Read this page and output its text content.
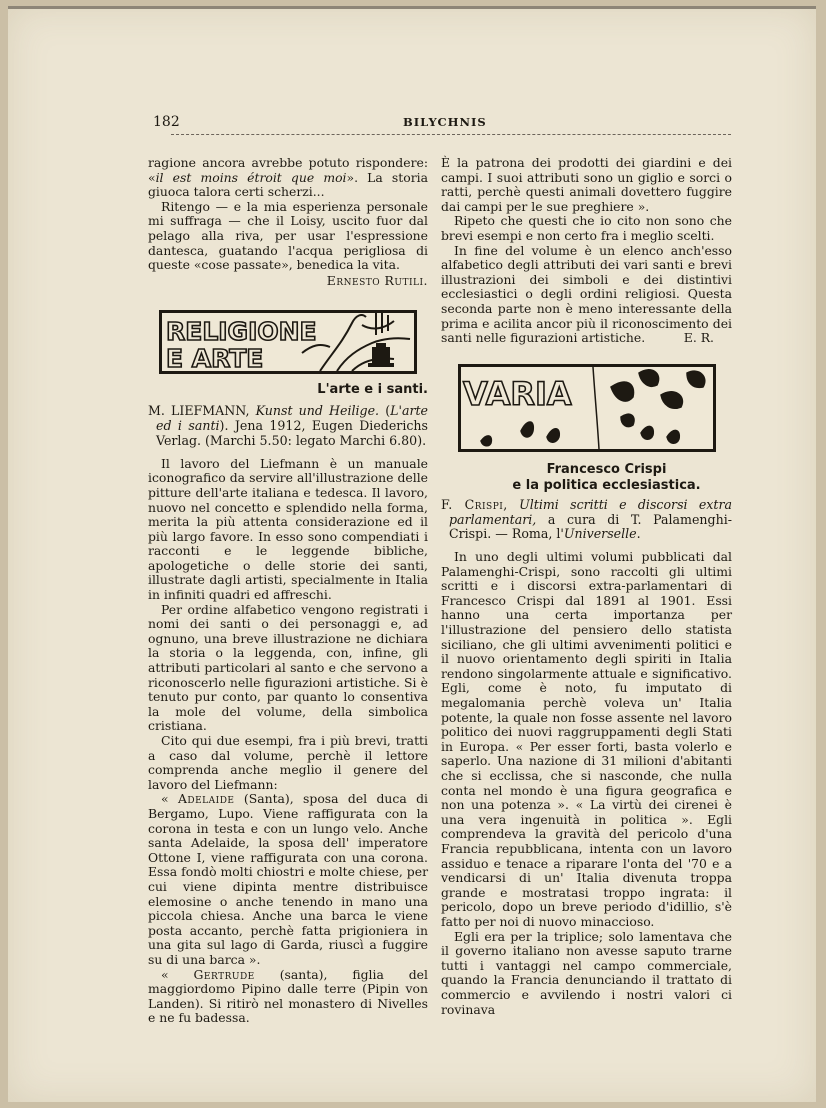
182	BILYCHNIS

ragione ancora avrebbe potuto rispondere: «il est moins étroit que moi». La storia giuoca talora certi scherzi...

Ritengo — e la mia esperienza personale mi suffraga — che il Loisy, uscito fuor dal pelago alla riva, per usar l'espressione dantesca, guatando l'acqua perigliosa di queste «cose passate», benedica la vita.

Ernesto Rutili.
RELIGIONE
E ARTE
L'arte e i santi.
M. LIEFMANN, Kunst und Heilige. (L'arte ed i santi). Jena 1912, Eugen Diederichs Verlag. (Marchi 5.50: legato Marchi 6.80).

Il lavoro del Liefmann è un manuale iconografico da servire all'illustrazione delle pitture dell'arte italiana e tedesca. Il lavoro, nuovo nel concetto e splendido nella forma, merita la più attenta considerazione ed il più largo favore. In esso sono compendiati i racconti e le leggende bibliche, apologetiche o delle storie dei santi, illustrate dagli artisti, specialmente in Italia in infiniti quadri ed affreschi.

Per ordine alfabetico vengono registrati i nomi dei santi o dei personaggi e, ad ognuno, una breve illustrazione ne dichiara la storia o la leggenda, con, infine, gli attributi particolari al santo e che servono a riconoscerlo nelle figurazioni artistiche. Si è tenuto pur conto, par quanto lo consentiva la mole del volume, della simbolica cristiana.

Cito qui due esempi, fra i più brevi, tratti a caso dal volume, perchè il lettore comprenda anche meglio il genere del lavoro del Liefmann:

« Adelaide (Santa), sposa del duca di Bergamo, Lupo. Viene raffigurata con la corona in testa e con un lungo velo. Anche santa Adelaide, la sposa dell' imperatore Ottone I, viene raffigurata con una corona. Essa fondò molti chiostri e molte chiese, per cui viene dipinta mentre distribuisce elemosine o anche tenendo in mano una piccola chiesa. Anche una barca le viene posta accanto, perchè fatta prigioniera in una gita sul lago di Garda, riuscì a fuggire su di una barca ».

« Gertrude (santa), figlia del maggiordomo Pipino dalle terre (Pipin von Landen). Si ritirò nel monastero di Nivelles e ne fu badessa.

È la patrona dei prodotti dei giardini e dei campi. I suoi attributi sono un giglio e sorci o ratti, perchè questi animali dovettero fuggire dai campi per le sue preghiere ».

Ripeto che questi che io cito non sono che brevi esempi e non certo fra i meglio scelti.

In fine del volume è un elenco anch'esso alfabetico degli attributi dei vari santi e brevi illustrazioni dei simboli e dei distintivi ecclesiastici o degli ordini religiosi. Questa seconda parte non è meno interessante della prima e acilita ancor più il riconoscimento dei santi nelle figurazioni artistiche.	E. R.
VARIA
Francesco Crispi
e la politica ecclesiastica.
F. Crispi, Ultimi scritti e discorsi extra parlamentari, a cura di T. Palamenghi-Crispi. — Roma, l'Universelle.

In uno degli ultimi volumi pubblicati dal Palamenghi-Crispi, sono raccolti gli ultimi scritti e i discorsi extra-parlamentari di Francesco Crispi dal 1891 al 1901. Essi hanno una certa importanza per l'illustrazione del pensiero dello statista siciliano, che gli ultimi avvenimenti politici e il nuovo orientamento degli spiriti in Italia rendono singolarmente attuale e significativo. Egli, come è noto, fu imputato di megalomania perchè voleva un' Italia potente, la quale non fosse assente nel lavoro politico dei nuovi raggruppamenti degli Stati in Europa. « Per esser forti, basta volerlo e saperlo. Una nazione di 31 milioni d'abitanti che si ecclissa, che si nasconde, che nulla conta nel mondo è una figura geografica e non una potenza ». « La virtù dei cirenei è una vera ingenuità in politica ». Egli comprendeva la gravità del pericolo d'una Francia repubblicana, intenta con un lavoro assiduo e tenace a riparare l'onta del '70 e a vendicarsi di un' Italia divenuta troppa grande e mostratasi troppo ingrata: il pericolo, dopo un breve periodo d'idillio, s'è fatto per noi di nuovo minaccioso.

Egli era per la triplice; solo lamentava che il governo italiano non avesse saputo trarne tutti i vantaggi nel campo commerciale, quando la Francia denunciando il trattato di commercio e avvilendo i nostri valori ci rovinava
